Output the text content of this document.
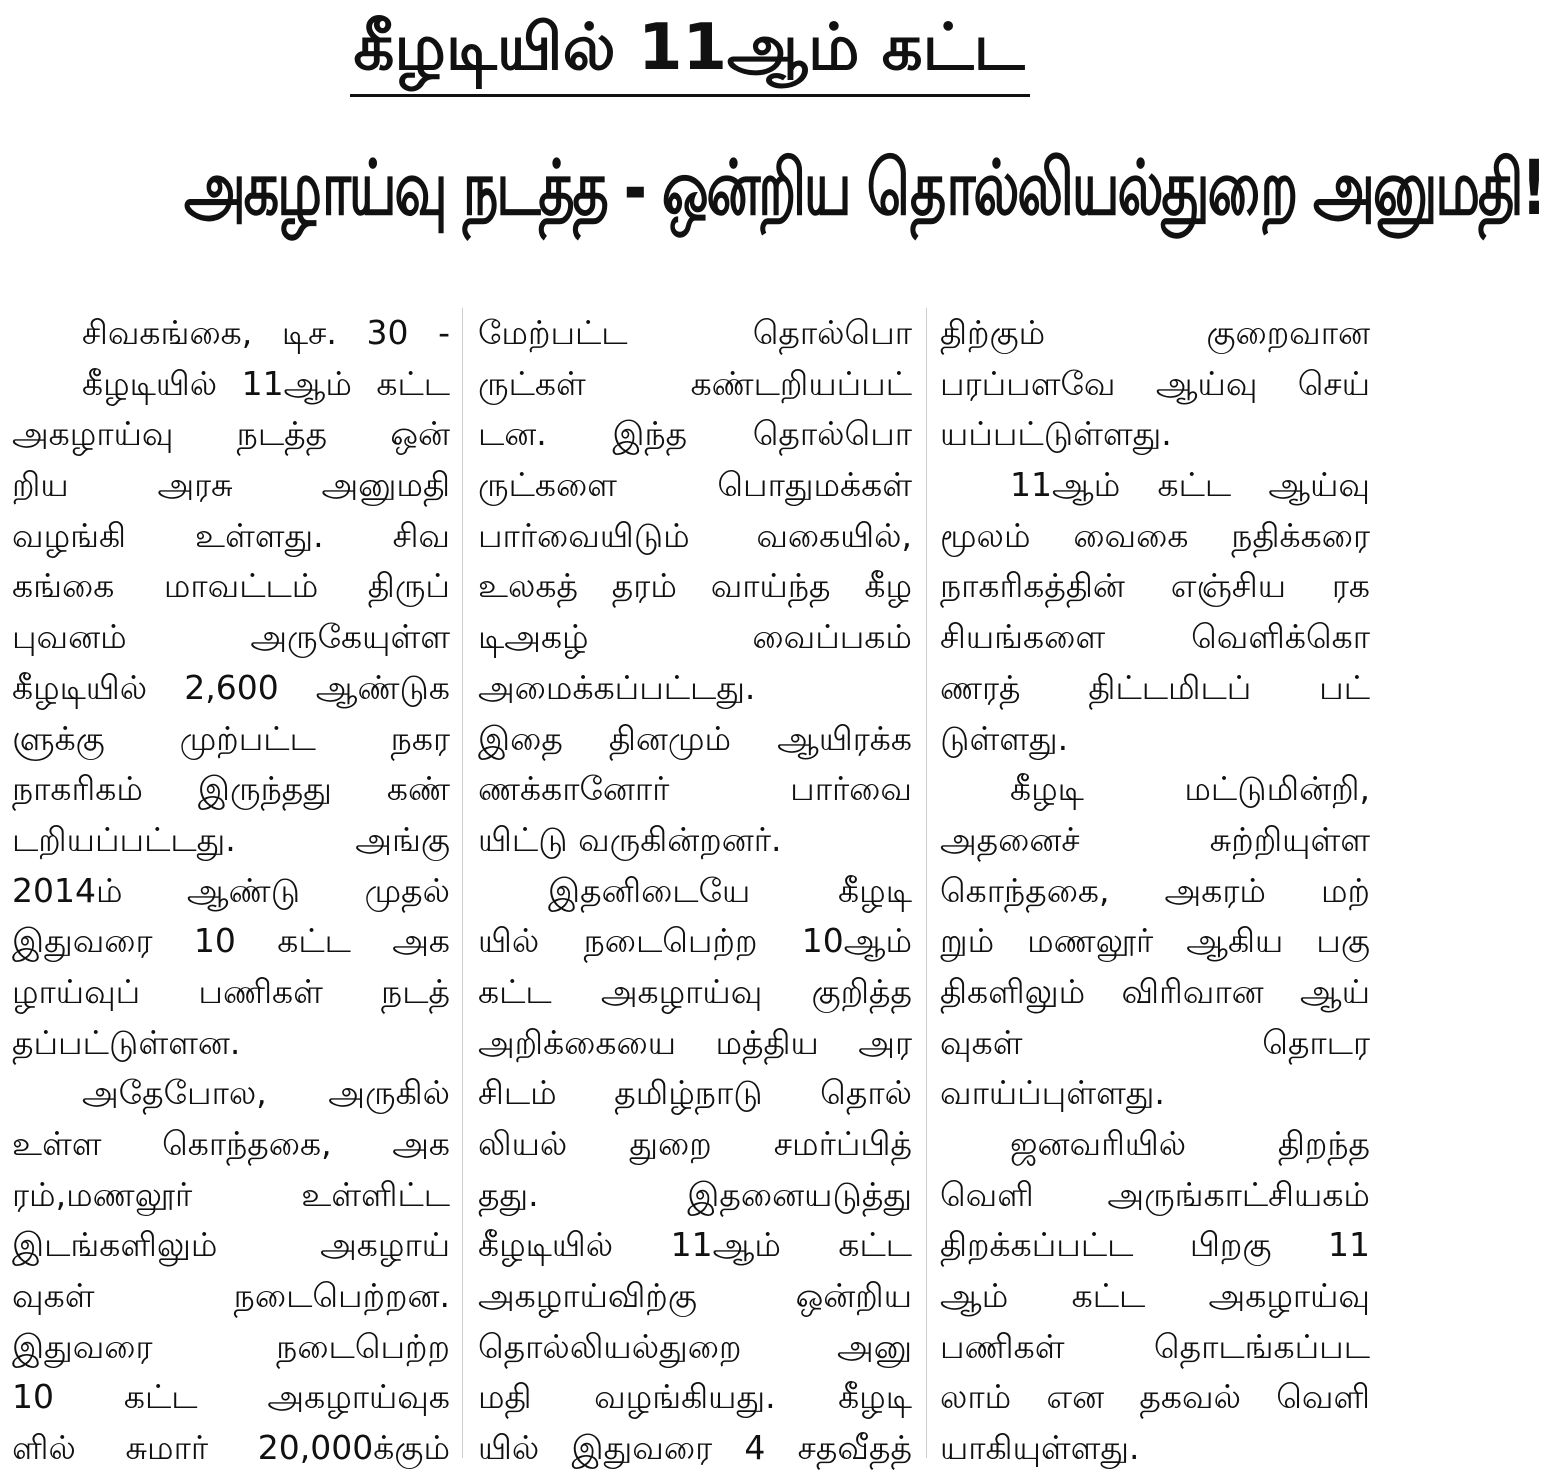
கீழடியில் 11ஆம் கட்ட
அகழாய்வு நடத்த - ஒன்றிய தொல்லியல்துறை அனுமதி!
சிவகங்கை, டிச. 30 -
கீழடியில் 11ஆம் கட்ட
அகழாய்வு நடத்த ஒன்
றிய அரசு அனுமதி
வழங்கி உள்ளது. சிவ
கங்கை மாவட்டம் திருப்
புவனம் அருகேயுள்ள
கீழடியில் 2,600 ஆண்டுக
ளுக்கு முற்பட்ட நகர
நாகரிகம் இருந்தது கண்
டறியப்பட்டது. அங்கு
2014ம் ஆண்டு முதல்
இதுவரை 10 கட்ட அக
ழாய்வுப் பணிகள் நடத்
தப்பட்டுள்ளன.
அதேபோல, அருகில்
உள்ள கொந்தகை, அக
ரம்,மணலூர் உள்ளிட்ட
இடங்களிலும் அகழாய்
வுகள் நடைபெற்றன.
இதுவரை நடைபெற்ற
10 கட்ட அகழாய்வுக
ளில் சுமார் 20,000க்கும்
மேற்பட்ட தொல்பொ
ருட்கள் கண்டறியப்பட்
டன. இந்த தொல்பொ
ருட்களை பொதுமக்கள்
பார்வையிடும் வகையில்,
உலகத் தரம் வாய்ந்த கீழ
டிஅகழ் வைப்பகம்
அமைக்கப்பட்டது.
இதை தினமும் ஆயிரக்க
ணக்கானோர் பார்வை
யிட்டு வருகின்றனர்.
இதனிடையே கீழடி
யில் நடைபெற்ற 10ஆம்
கட்ட அகழாய்வு குறித்த
அறிக்கையை மத்திய அர
சிடம் தமிழ்நாடு தொல்
லியல் துறை சமர்ப்பித்
தது. இதனையடுத்து
கீழடியில் 11ஆம் கட்ட
அகழாய்விற்கு ஒன்றிய
தொல்லியல்துறை அனு
மதி வழங்கியது. கீழடி
யில் இதுவரை 4 சதவீதத்
திற்கும் குறைவான
பரப்பளவே ஆய்வு செய்
யப்பட்டுள்ளது.
11ஆம் கட்ட ஆய்வு
மூலம் வைகை நதிக்கரை
நாகரிகத்தின் எஞ்சிய ரக
சியங்களை வெளிக்கொ
ணரத் திட்டமிடப் பட்
டுள்ளது.
கீழடி மட்டுமின்றி,
அதனைச் சுற்றியுள்ள
கொந்தகை, அகரம் மற்
றும் மணலூர் ஆகிய பகு
திகளிலும் விரிவான ஆய்
வுகள் தொடர
வாய்ப்புள்ளது.
ஜனவரியில் திறந்த
வெளி அருங்காட்சியகம்
திறக்கப்பட்ட பிறகு 11
ஆம் கட்ட அகழாய்வு
பணிகள் தொடங்கப்பட
லாம் என தகவல் வெளி
யாகியுள்ளது.
